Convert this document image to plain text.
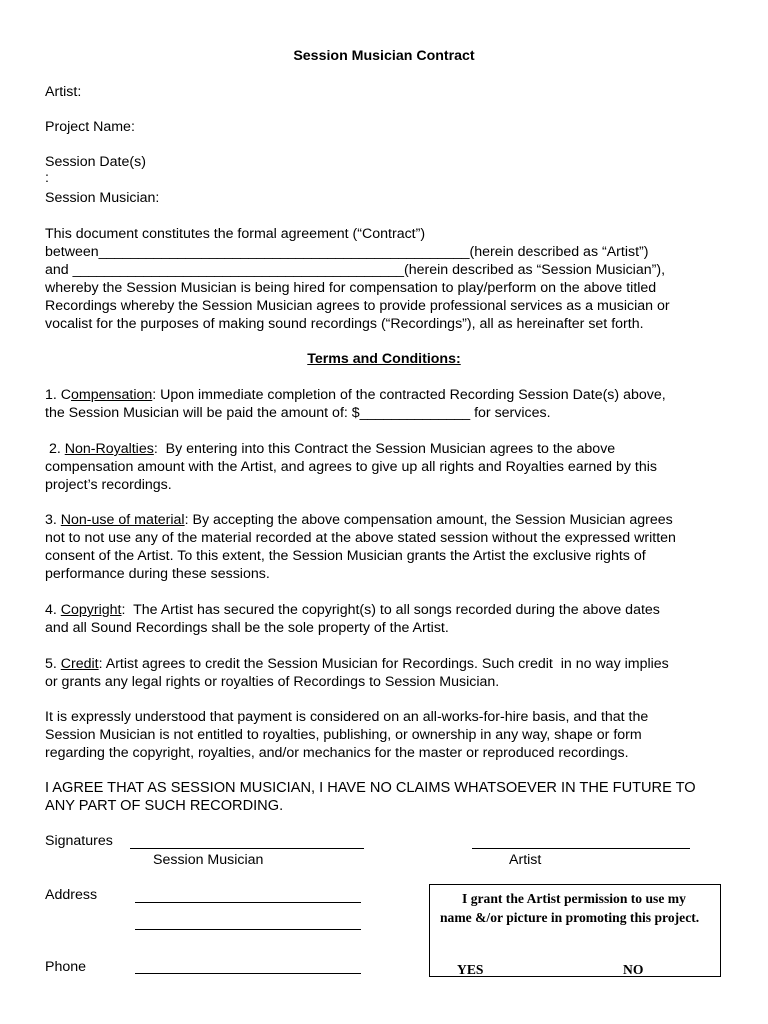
Session Musician Contract
Artist:
Project Name:
Session Date(s)
:
Session Musician:
This document constitutes the formal agreement (“Contract”)
between_______________________________________________(herein described as “Artist”)
and __________________________________________(herein described as “Session Musician”),
whereby the Session Musician is being hired for compensation to play/perform on the above titled
Recordings whereby the Session Musician agrees to provide professional services as a musician or
vocalist for the purposes of making sound recordings (“Recordings”), all as hereinafter set forth.
Terms and Conditions:
1. Compensation: Upon immediate completion of the contracted Recording Session Date(s) above,
the Session Musician will be paid the amount of: $______________ for services.
2. Non-Royalties:  By entering into this Contract the Session Musician agrees to the above
compensation amount with the Artist, and agrees to give up all rights and Royalties earned by this
project’s recordings.
3. Non-use of material: By accepting the above compensation amount, the Session Musician agrees
not to not use any of the material recorded at the above stated session without the expressed written
consent of the Artist. To this extent, the Session Musician grants the Artist the exclusive rights of
performance during these sessions.
4. Copyright:  The Artist has secured the copyright(s) to all songs recorded during the above dates
and all Sound Recordings shall be the sole property of the Artist.
5. Credit: Artist agrees to credit the Session Musician for Recordings. Such credit  in no way implies
or grants any legal rights or royalties of Recordings to Session Musician.
It is expressly understood that payment is considered on an all-works-for-hire basis, and that the
Session Musician is not entitled to royalties, publishing, or ownership in any way, shape or form
regarding the copyright, royalties, and/or mechanics for the master or reproduced recordings.
I AGREE THAT AS SESSION MUSICIAN, I HAVE NO CLAIMS WHATSOEVER IN THE FUTURE TO
ANY PART OF SUCH RECORDING.
Signatures
Session Musician	Artist
Address
Phone
I grant the Artist permission to use my name &/or picture in promoting this project.
YES	NO
